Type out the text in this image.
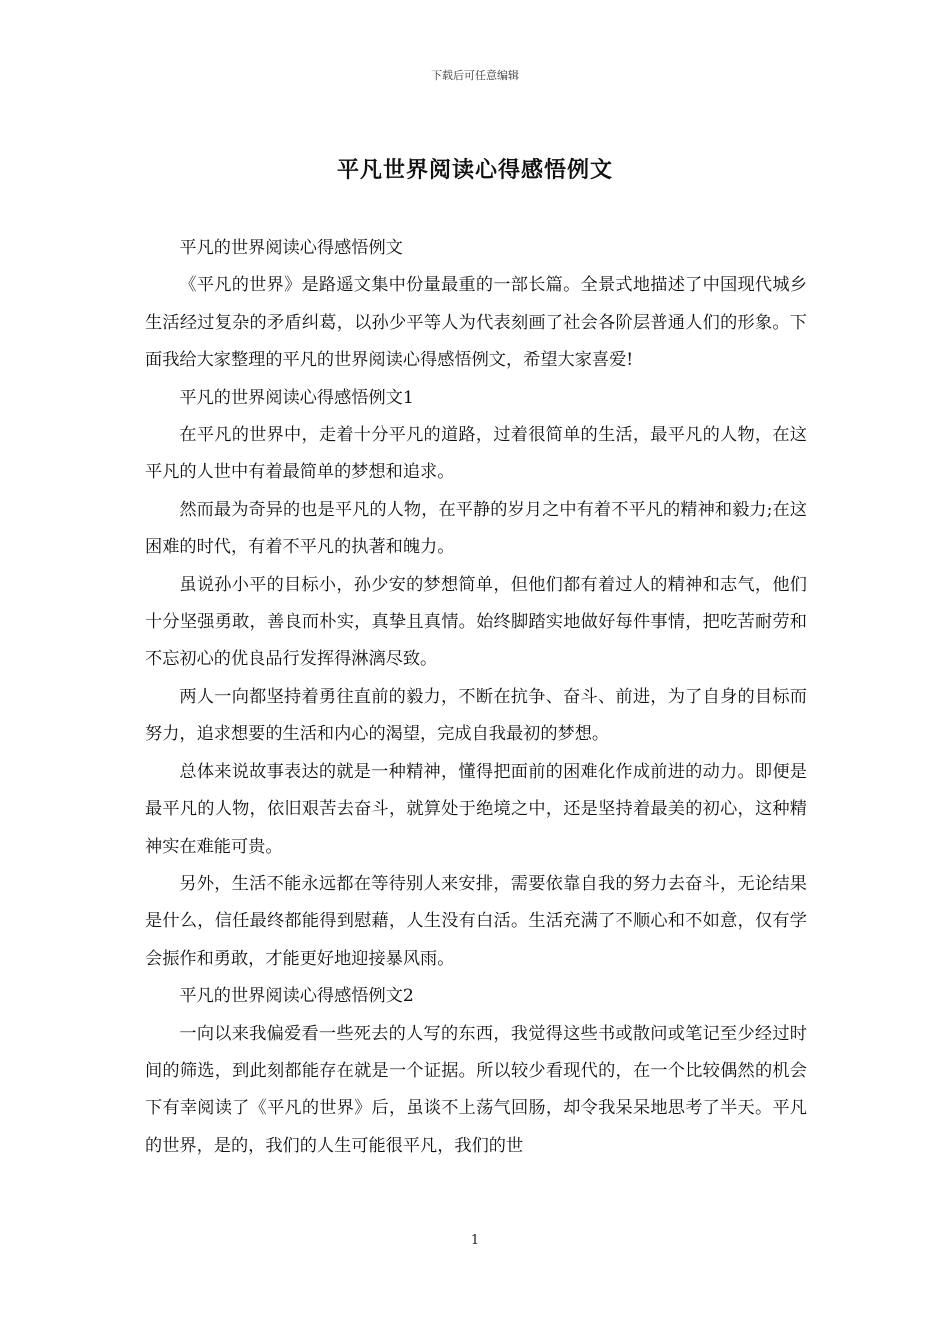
下载后可任意编辑
平凡世界阅读心得感悟例文

平凡的世界阅读心得感悟例文

《平凡的世界》是路遥文集中份量最重的一部长篇。全景式地描述了中国现代城乡生活经过复杂的矛盾纠葛，以孙少平等人为代表刻画了社会各阶层普通人们的形象。下面我给大家整理的平凡的世界阅读心得感悟例文，希望大家喜爱!

平凡的世界阅读心得感悟例文1

在平凡的世界中，走着十分平凡的道路，过着很简单的生活，最平凡的人物，在这平凡的人世中有着最简单的梦想和追求。

然而最为奇异的也是平凡的人物，在平静的岁月之中有着不平凡的精神和毅力;在这困难的时代，有着不平凡的执著和魄力。

虽说孙小平的目标小，孙少安的梦想简单，但他们都有着过人的精神和志气，他们十分坚强勇敢，善良而朴实，真挚且真情。始终脚踏实地做好每件事情，把吃苦耐劳和不忘初心的优良品行发挥得淋漓尽致。

两人一向都坚持着勇往直前的毅力，不断在抗争、奋斗、前进，为了自身的目标而努力，追求想要的生活和内心的渴望，完成自我最初的梦想。

总体来说故事表达的就是一种精神，懂得把面前的困难化作成前进的动力。即便是最平凡的人物，依旧艰苦去奋斗，就算处于绝境之中，还是坚持着最美的初心，这种精神实在难能可贵。

另外，生活不能永远都在等待别人来安排，需要依靠自我的努力去奋斗，无论结果是什么，信任最终都能得到慰藉，人生没有白活。生活充满了不顺心和不如意，仅有学会振作和勇敢，才能更好地迎接暴风雨。

平凡的世界阅读心得感悟例文2

一向以来我偏爱看一些死去的人写的东西，我觉得这些书或散问或笔记至少经过时间的筛选，到此刻都能存在就是一个证据。所以较少看现代的，在一个比较偶然的机会下有幸阅读了《平凡的世界》后，虽谈不上荡气回肠，却令我呆呆地思考了半天。平凡的世界，是的，我们的人生可能很平凡，我们的世

1
